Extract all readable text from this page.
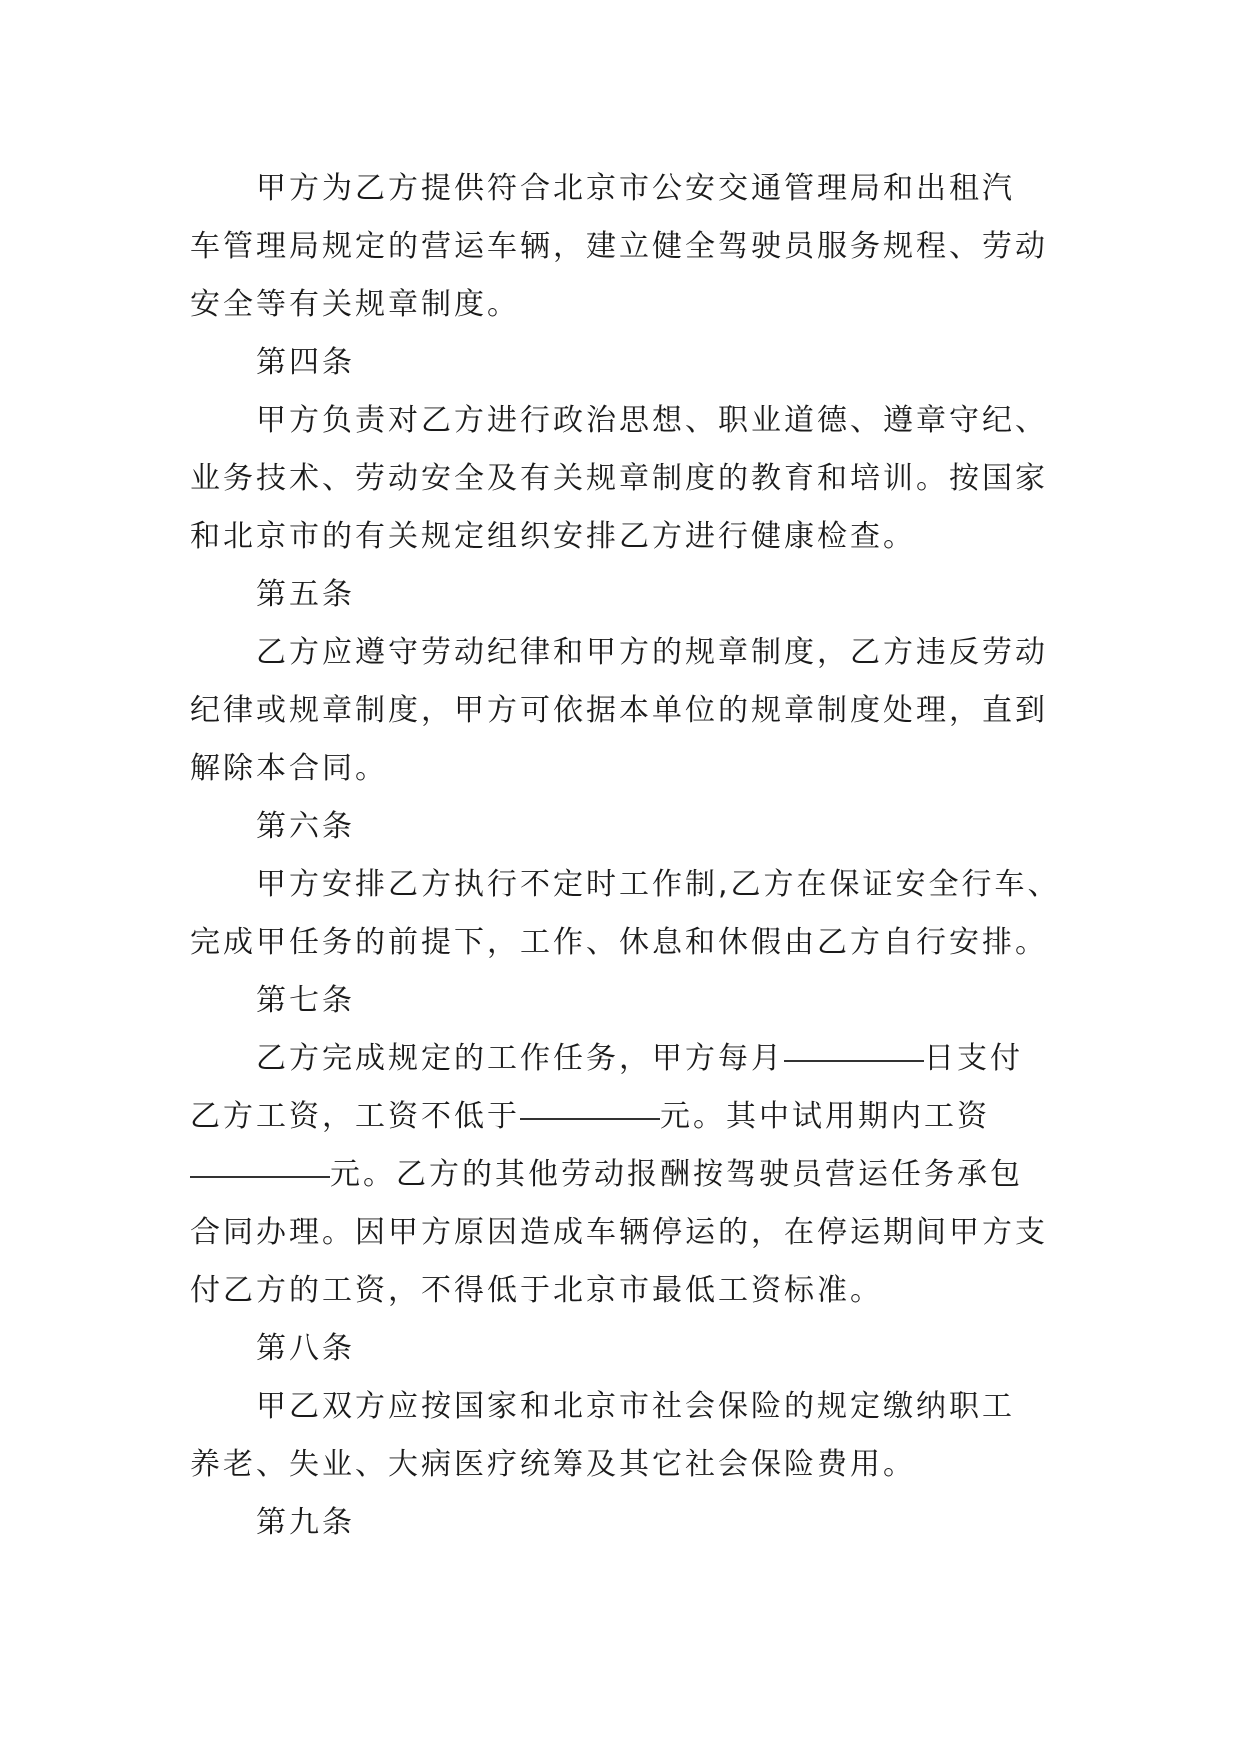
甲方为乙方提供符合北京市公安交通管理局和出租汽
车管理局规定的营运车辆，建立健全驾驶员服务规程、劳动
安全等有关规章制度。
第四条
甲方负责对乙方进行政治思想、职业道德、遵章守纪、
业务技术、劳动安全及有关规章制度的教育和培训。按国家
和北京市的有关规定组织安排乙方进行健康检查。
第五条
乙方应遵守劳动纪律和甲方的规章制度，乙方违反劳动
纪律或规章制度，甲方可依据本单位的规章制度处理，直到
解除本合同。
第六条
甲方安排乙方执行不定时工作制,乙方在保证安全行车、
完成甲任务的前提下，工作、休息和休假由乙方自行安排。
第七条
乙方完成规定的工作任务，甲方每月	日支付
乙方工资，工资不低于	元。其中试用期内工资
元。乙方的其他劳动报酬按驾驶员营运任务承包
合同办理。因甲方原因造成车辆停运的，在停运期间甲方支
付乙方的工资，不得低于北京市最低工资标准。
第八条
甲乙双方应按国家和北京市社会保险的规定缴纳职工
养老、失业、大病医疗统筹及其它社会保险费用。
第九条
